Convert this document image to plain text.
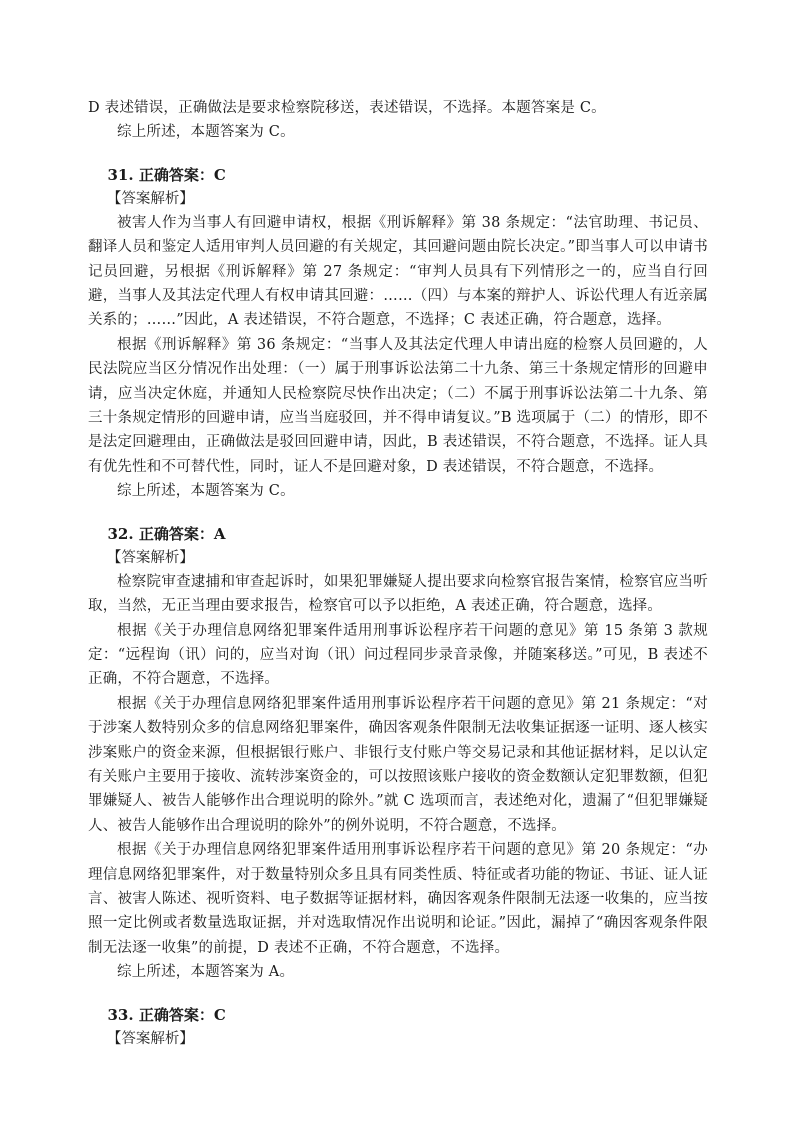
D 表述错误，正确做法是要求检察院移送，表述错误，不选择。本题答案是 C。

综上所述，本题答案为 C。

31. 正确答案：C

【答案解析】

被害人作为当事人有回避申请权，根据《刑诉解释》第 38 条规定：“法官助理、书记员、翻译人员和鉴定人适用审判人员回避的有关规定，其回避问题由院长决定。”即当事人可以申请书记员回避，另根据《刑诉解释》第 27 条规定：“审判人员具有下列情形之一的，应当自行回避，当事人及其法定代理人有权申请其回避：……（四）与本案的辩护人、诉讼代理人有近亲属关系的；……”因此，A 表述错误，不符合题意，不选择；C 表述正确，符合题意，选择。

根据《刑诉解释》第 36 条规定：“当事人及其法定代理人申请出庭的检察人员回避的，人民法院应当区分情况作出处理：（一）属于刑事诉讼法第二十九条、第三十条规定情形的回避申请，应当决定休庭，并通知人民检察院尽快作出决定；（二）不属于刑事诉讼法第二十九条、第三十条规定情形的回避申请，应当当庭驳回，并不得申请复议。”B 选项属于（二）的情形，即不是法定回避理由，正确做法是驳回回避申请，因此，B 表述错误，不符合题意，不选择。证人具有优先性和不可替代性，同时，证人不是回避对象，D 表述错误，不符合题意，不选择。

综上所述，本题答案为 C。

32. 正确答案：A

【答案解析】

检察院审查逮捕和审查起诉时，如果犯罪嫌疑人提出要求向检察官报告案情，检察官应当听取，当然，无正当理由要求报告，检察官可以予以拒绝，A 表述正确，符合题意，选择。

根据《关于办理信息网络犯罪案件适用刑事诉讼程序若干问题的意见》第 15 条第 3 款规定：“远程询（讯）问的，应当对询（讯）问过程同步录音录像，并随案移送。”可见，B 表述不正确，不符合题意，不选择。

根据《关于办理信息网络犯罪案件适用刑事诉讼程序若干问题的意见》第 21 条规定：“对于涉案人数特别众多的信息网络犯罪案件，确因客观条件限制无法收集证据逐一证明、逐人核实涉案账户的资金来源，但根据银行账户、非银行支付账户等交易记录和其他证据材料，足以认定有关账户主要用于接收、流转涉案资金的，可以按照该账户接收的资金数额认定犯罪数额，但犯罪嫌疑人、被告人能够作出合理说明的除外。”就 C 选项而言，表述绝对化，遗漏了“但犯罪嫌疑人、被告人能够作出合理说明的除外”的例外说明，不符合题意，不选择。

根据《关于办理信息网络犯罪案件适用刑事诉讼程序若干问题的意见》第 20 条规定：“办理信息网络犯罪案件，对于数量特别众多且具有同类性质、特征或者功能的物证、书证、证人证言、被害人陈述、视听资料、电子数据等证据材料，确因客观条件限制无法逐一收集的，应当按照一定比例或者数量选取证据，并对选取情况作出说明和论证。”因此，漏掉了“确因客观条件限制无法逐一收集”的前提，D 表述不正确，不符合题意，不选择。

综上所述，本题答案为 A。

33. 正确答案：C

【答案解析】
